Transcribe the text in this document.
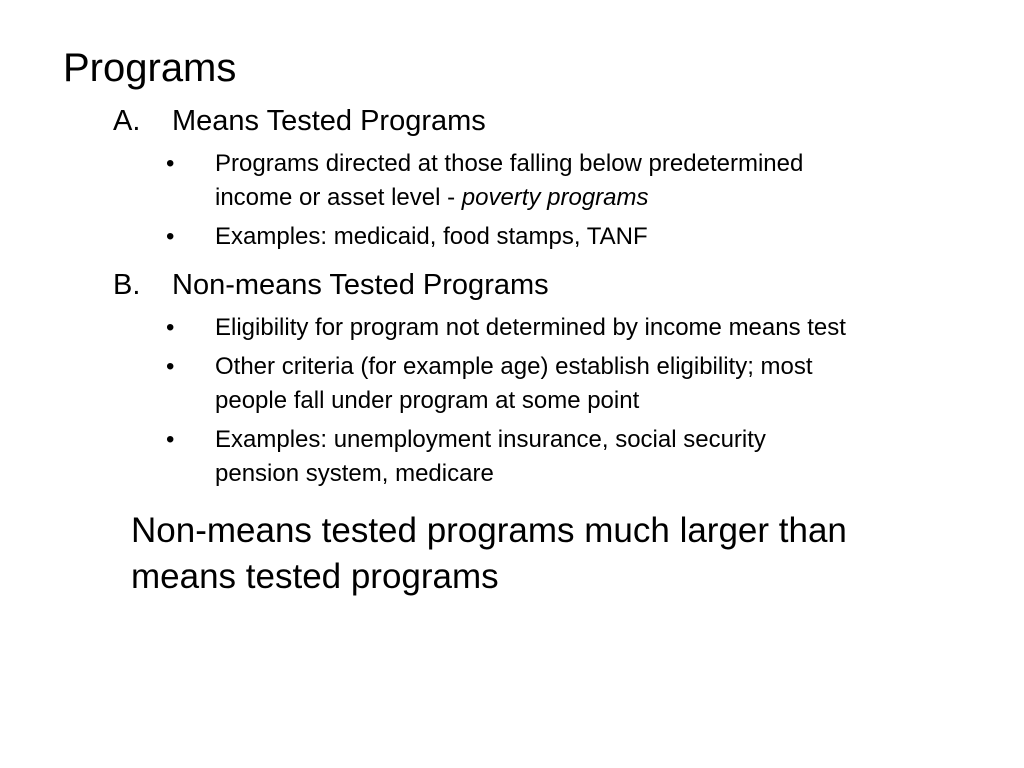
Programs
A. Means Tested Programs
• Programs directed at those falling below predetermined
income or asset level - poverty programs
• Examples: medicaid, food stamps, TANF
B. Non-means Tested Programs
• Eligibility for program not determined by income means test
• Other criteria (for example age) establish eligibility; most
people fall under program at some point
• Examples: unemployment insurance, social security
pension system, medicare
Non-means tested programs much larger than
means tested programs
